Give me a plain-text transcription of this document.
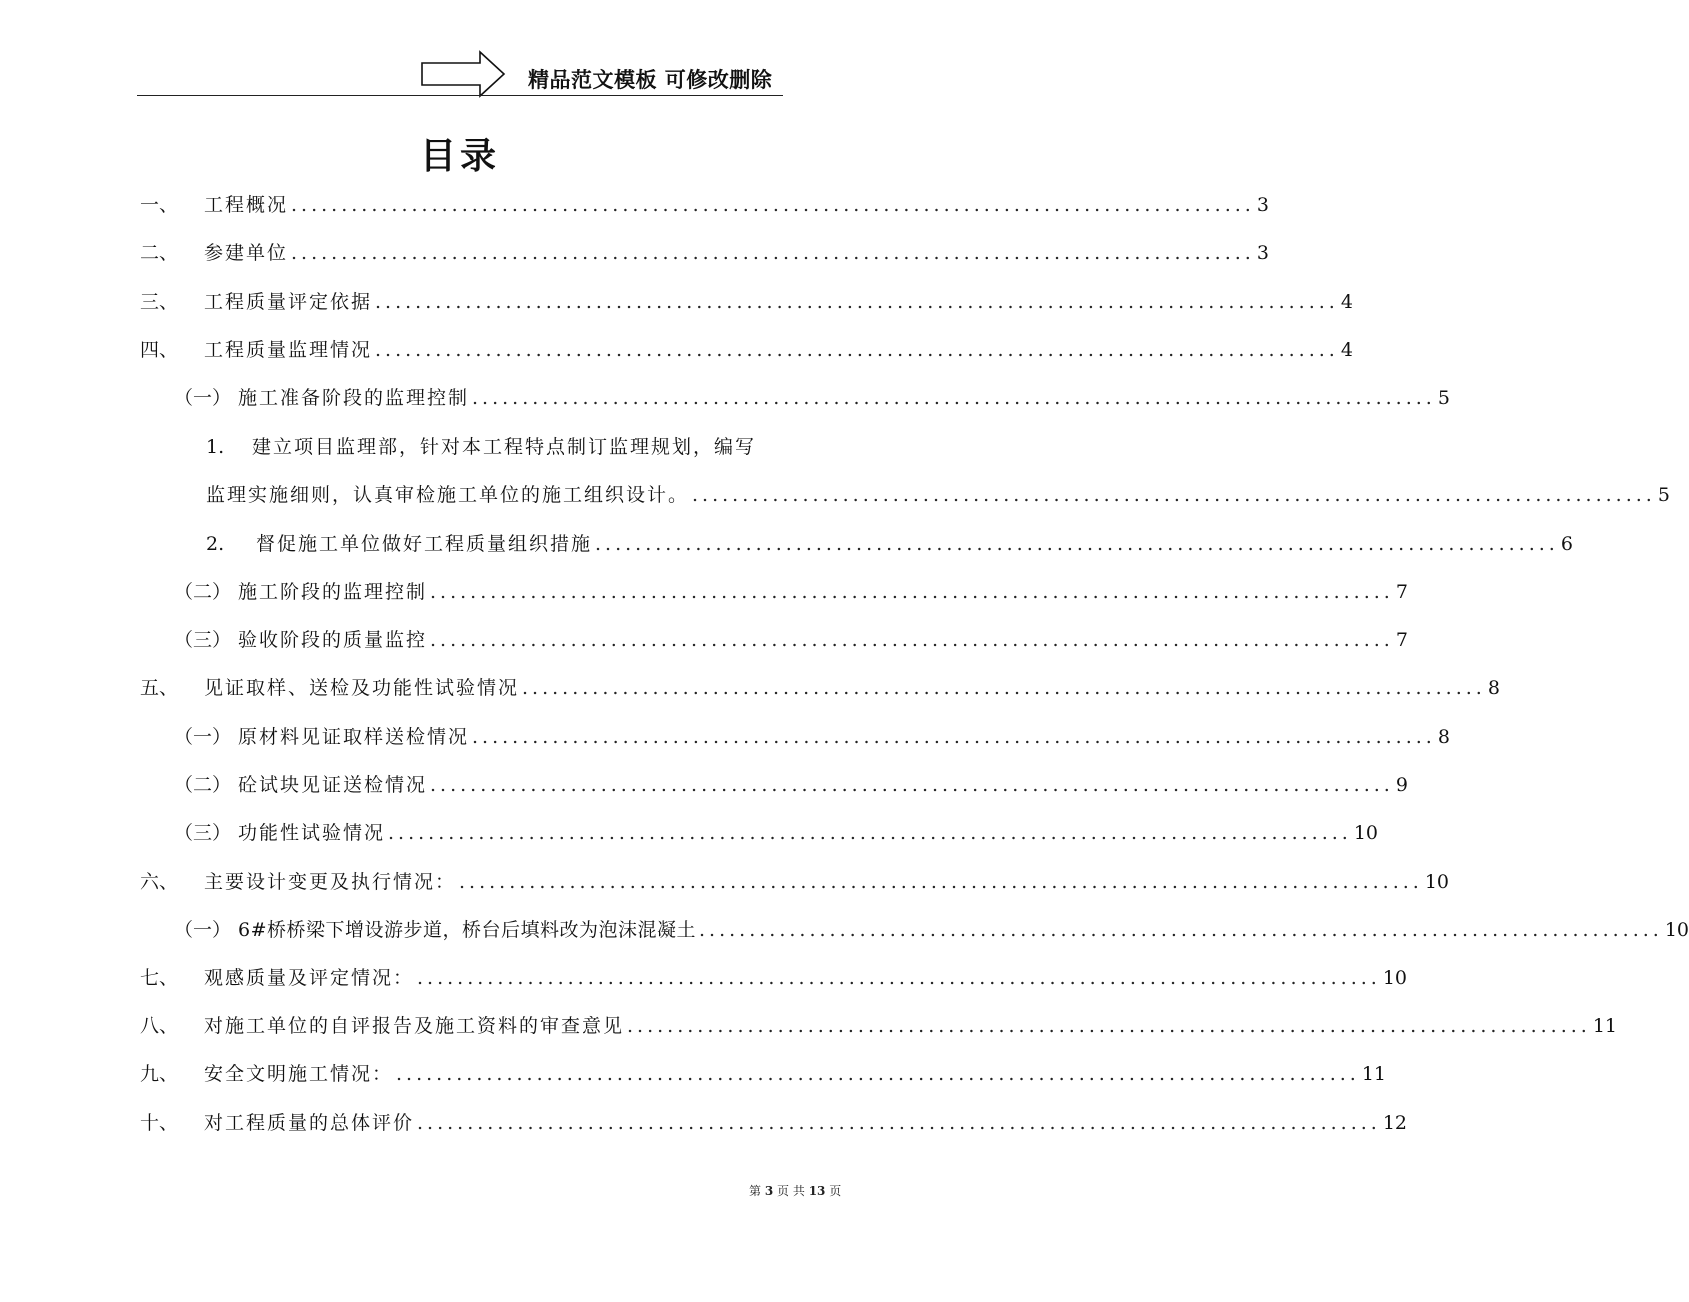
精品范文模板 可修改删除
目录
一、	工程概况 ................................................................................................ 3
二、	参建单位 ................................................................................................ 3
三、	工程质量评定依据 ................................................................................................ 4
四、	工程质量监理情况 ................................................................................................ 4
（一） 施工准备阶段的监理控制 ................................................................................................ 5
1. 建立项目监理部，针对本工程特点制订监理规划，编写
监理实施细则，认真审检施工单位的施工组织设计。 ................................................................................................ 5
2.	督促施工单位做好工程质量组织措施 ................................................................................................ 6
（二） 施工阶段的监理控制 ................................................................................................ 7
（三） 验收阶段的质量监控 ................................................................................................ 7
五、	见证取样、送检及功能性试验情况 ................................................................................................ 8
（一） 原材料见证取样送检情况 ................................................................................................ 8
（二） 砼试块见证送检情况 ................................................................................................ 9
（三） 功能性试验情况 ................................................................................................ 10
六、	主要设计变更及执行情况： ................................................................................................ 10
（一） 6#桥桥梁下增设游步道，桥台后填料改为泡沫混凝土 ................................................................................................ 10
七、	观感质量及评定情况： ................................................................................................ 10
八、	对施工单位的自评报告及施工资料的审查意见 ................................................................................................ 11
九、	安全文明施工情况： ................................................................................................ 11
十、	对工程质量的总体评价 ................................................................................................ 12
第 3 页 共 13 页
